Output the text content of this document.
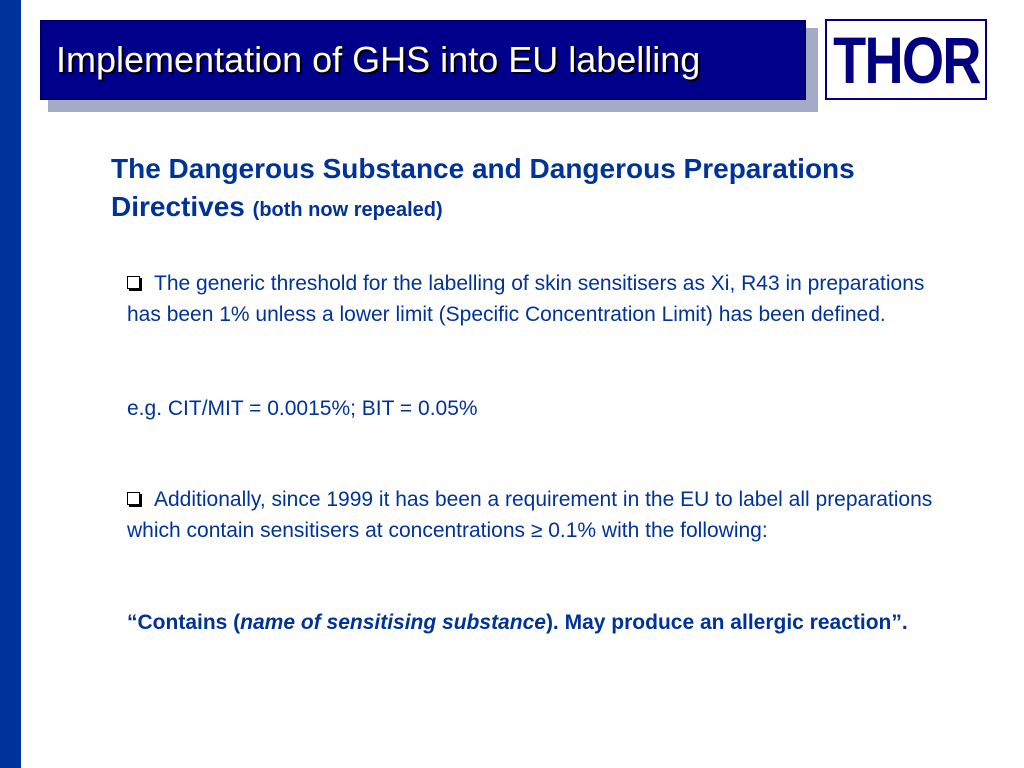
Implementation of GHS into EU labelling THOR
The Dangerous Substance and Dangerous Preparations Directives (both now repealed)
The generic threshold for the labelling of skin sensitisers as Xi, R43 in preparations has been 1% unless a lower limit (Specific Concentration Limit) has been defined.
e.g. CIT/MIT = 0.0015%; BIT = 0.05%
Additionally, since 1999 it has been a requirement in the EU to label all preparations which contain sensitisers at concentrations ≥ 0.1% with the following:
“Contains (name of sensitising substance). May produce an allergic reaction”.
